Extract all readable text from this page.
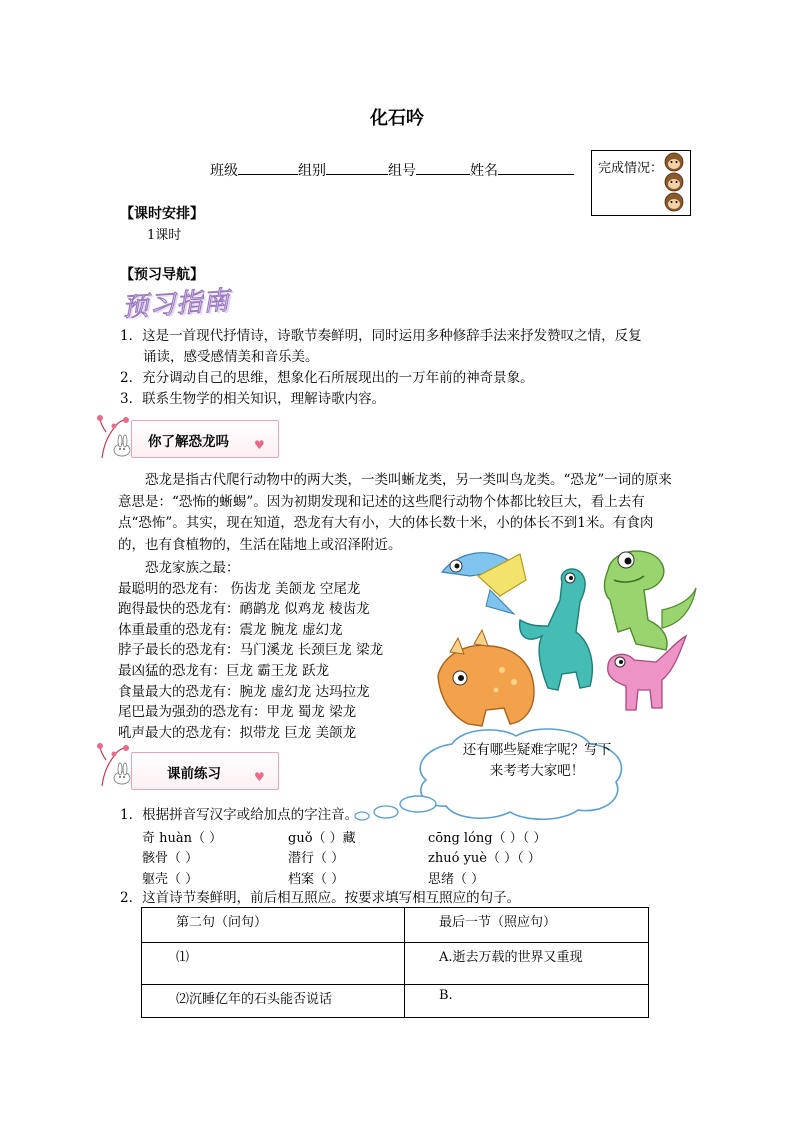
化石吟
班级	组别	组号	姓名	完成情况：
【课时安排】
1课时
【预习导航】
预习指南
1．这是一首现代抒情诗，诗歌节奏鲜明，同时运用多种修辞手法来抒发赞叹之情，反复
诵读，感受感情美和音乐美。
2．充分调动自己的思维，想象化石所展现出的一万年前的神奇景象。
3．联系生物学的相关知识，理解诗歌内容。
你了解恐龙吗 ♥
恐龙是指古代爬行动物中的两大类，一类叫蜥龙类，另一类叫鸟龙类。“恐龙”一词的原来意思是：“恐怖的蜥蜴”。因为初期发现和记述的这些爬行动物个体都比较巨大，看上去有点“恐怖”。其实，现在知道，恐龙有大有小，大的体长数十米，小的体长不到1米。有食肉的，也有食植物的，生活在陆地上或沼泽附近。
恐龙家族之最：
最聪明的恐龙有： 伤齿龙 美颌龙 空尾龙
跑得最快的恐龙有：鸸鹋龙 似鸡龙 棱齿龙
体重最重的恐龙有：震龙 腕龙 虚幻龙
脖子最长的恐龙有：马门溪龙 长颈巨龙 梁龙
最凶猛的恐龙有：巨龙 霸王龙 跃龙
食量最大的恐龙有：腕龙 虚幻龙 达玛拉龙
尾巴最为强劲的恐龙有：甲龙 蜀龙 梁龙
吼声最大的恐龙有：拟带龙 巨龙 美颌龙
还有哪些疑难字呢？写下来考考大家吧！
课前练习	♥
1．根据拼音写汉字或给加点的字注音。
奇 huàn（ ）	guǒ（ ）藏	cōng lóng（ ）（ ）
骸骨（ ）	潜行（ ）	zhuó yuè（ ）（ ）
躯壳（ ）	档案（ ）	思绪（ ）
2．这首诗节奏鲜明，前后相互照应。按要求填写相互照应的句子。
第二句（问句）	最后一节（照应句）
⑴	A.逝去万载的世界又重现
⑵沉睡亿年的石头能否说话	B.
